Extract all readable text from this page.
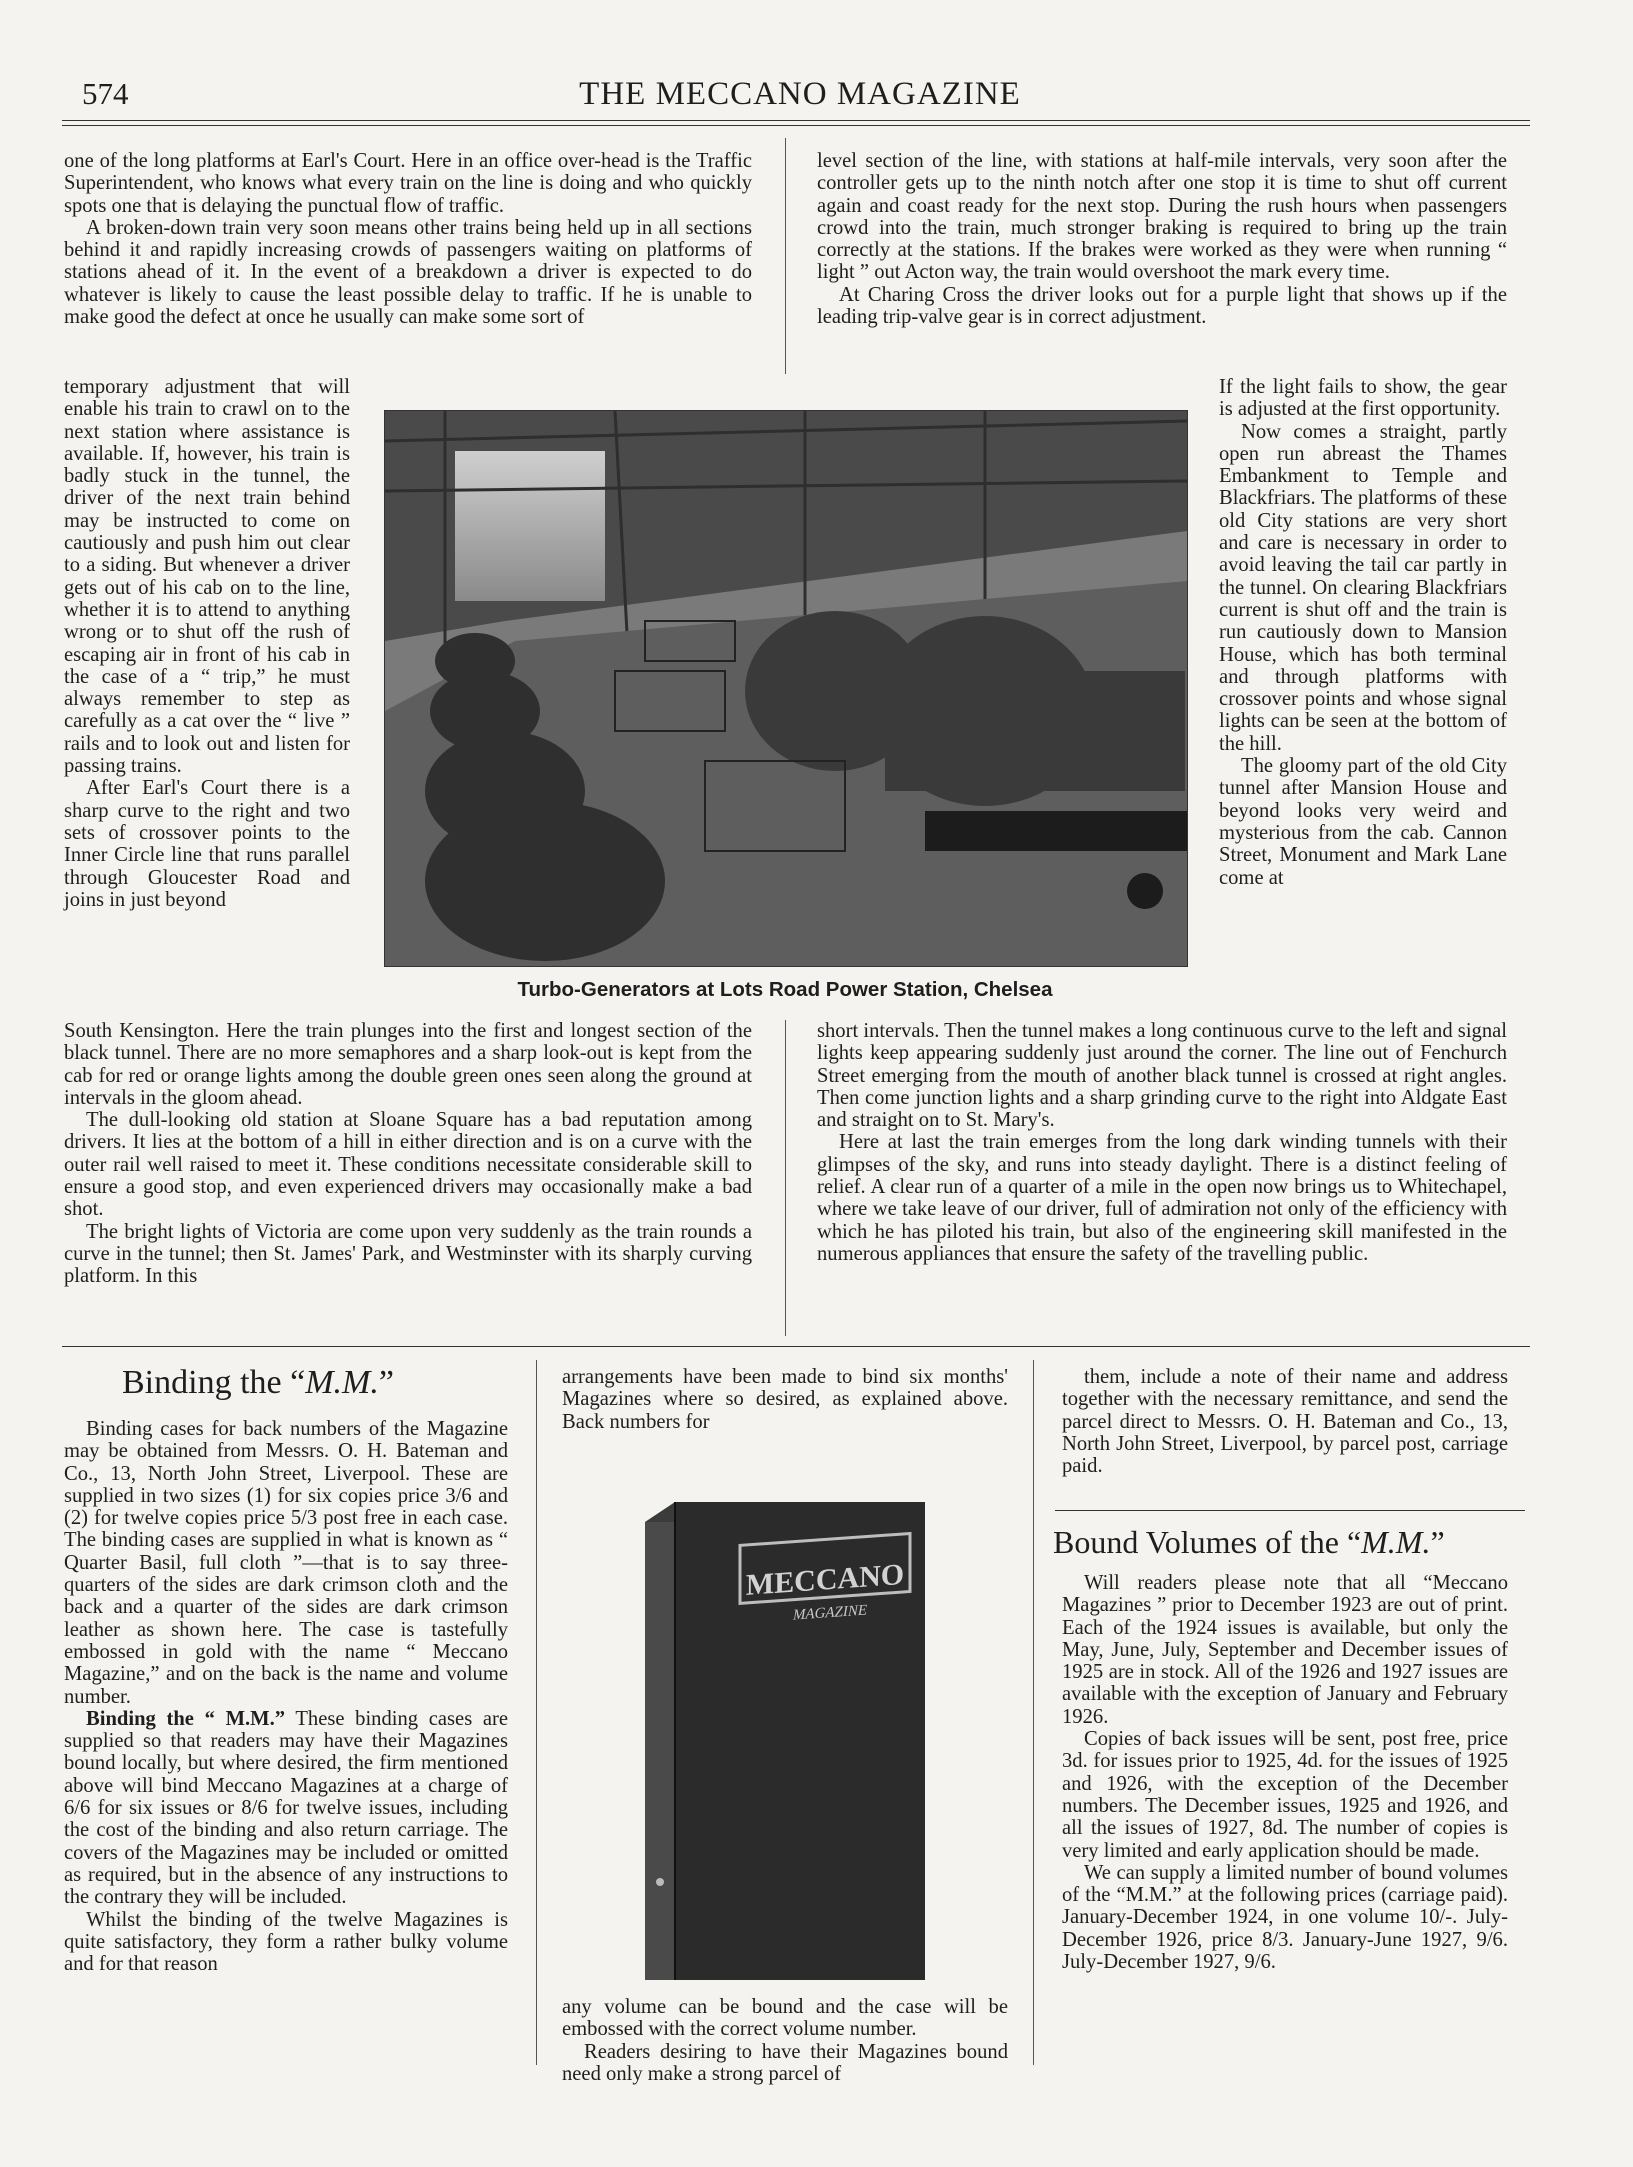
574	THE MECCANO MAGAZINE

one of the long platforms at Earl's Court. Here in an office over-head is the Traffic Superintendent, who knows what every train on the line is doing and who quickly spots one that is delaying the punctual flow of traffic.

A broken-down train very soon means other trains being held up in all sections behind it and rapidly increasing crowds of passengers waiting on platforms of stations ahead of it. In the event of a breakdown a driver is expected to do whatever is likely to cause the least possible delay to traffic. If he is unable to make good the defect at once he usually can make some sort of

temporary adjustment that will enable his train to crawl on to the next station where assistance is available. If, however, his train is badly stuck in the tunnel, the driver of the next train behind may be instructed to come on cautiously and push him out clear to a siding. But whenever a driver gets out of his cab on to the line, whether it is to attend to anything wrong or to shut off the rush of escaping air in front of his cab in the case of a “ trip,” he must always remember to step as carefully as a cat over the “ live ” rails and to look out and listen for passing trains.

After Earl's Court there is a sharp curve to the right and two sets of crossover points to the Inner Circle line that runs parallel through Gloucester Road and joins in just beyond

South Kensington. Here the train plunges into the first and longest section of the black tunnel. There are no more semaphores and a sharp look-out is kept from the cab for red or orange lights among the double green ones seen along the ground at intervals in the gloom ahead.

The dull-looking old station at Sloane Square has a bad reputation among drivers. It lies at the bottom of a hill in either direction and is on a curve with the outer rail well raised to meet it. These conditions necessitate considerable skill to ensure a good stop, and even experienced drivers may occasionally make a bad shot.

The bright lights of Victoria are come upon very suddenly as the train rounds a curve in the tunnel; then St. James' Park, and Westminster with its sharply curving platform. In this

level section of the line, with stations at half-mile intervals, very soon after the controller gets up to the ninth notch after one stop it is time to shut off current again and coast ready for the next stop. During the rush hours when passengers crowd into the train, much stronger braking is required to bring up the train correctly at the stations. If the brakes were worked as they were when running “ light ” out Acton way, the train would overshoot the mark every time.

At Charing Cross the driver looks out for a purple light that shows up if the leading trip-valve gear is in correct adjustment.

If the light fails to show, the gear is adjusted at the first opportunity.

Now comes a straight, partly open run abreast the Thames Embankment to Temple and Blackfriars. The platforms of these old City stations are very short and care is necessary in order to avoid leaving the tail car partly in the tunnel. On clearing Blackfriars current is shut off and the train is run cautiously down to Mansion House, which has both terminal and through platforms with crossover points and whose signal lights can be seen at the bottom of the hill.

The gloomy part of the old City tunnel after Mansion House and beyond looks very weird and mysterious from the cab. Cannon Street, Monument and Mark Lane come at

short intervals. Then the tunnel makes a long continuous curve to the left and signal lights keep appearing suddenly just around the corner. The line out of Fenchurch Street emerging from the mouth of another black tunnel is crossed at right angles. Then come junction lights and a sharp grinding curve to the right into Aldgate East and straight on to St. Mary's.

Here at last the train emerges from the long dark winding tunnels with their glimpses of the sky, and runs into steady daylight. There is a distinct feeling of relief. A clear run of a quarter of a mile in the open now brings us to Whitechapel, where we take leave of our driver, full of admiration not only of the efficiency with which he has piloted his train, but also of the engineering skill manifested in the numerous appliances that ensure the safety of the travelling public.

Turbo-Generators at Lots Road Power Station, Chelsea
Binding the “M.M.”

Binding cases for back numbers of the Magazine may be obtained from Messrs. O. H. Bateman and Co., 13, North John Street, Liverpool. These are supplied in two sizes (1) for six copies price 3/6 and (2) for twelve copies price 5/3 post free in each case. The binding cases are supplied in what is known as “ Quarter Basil, full cloth ”—that is to say three-quarters of the sides are dark crimson cloth and the back and a quarter of the sides are dark crimson leather as shown here. The case is tastefully embossed in gold with the name “ Meccano Magazine,” and on the back is the name and volume number.

Binding the “ M.M.” These binding cases are supplied so that readers may have their Magazines bound locally, but where desired, the firm mentioned above will bind Meccano Magazines at a charge of 6/6 for six issues or 8/6 for twelve issues, including the cost of the binding and also return carriage. The covers of the Magazines may be included or omitted as required, but in the absence of any instructions to the contrary they will be included.

Whilst the binding of the twelve Magazines is quite satisfactory, they form a rather bulky volume and for that reason

arrangements have been made to bind six months' Magazines where so desired, as explained above. Back numbers for

MECCANO
MAGAZINE

any volume can be bound and the case will be embossed with the correct volume number.

Readers desiring to have their Magazines bound need only make a strong parcel of

them, include a note of their name and address together with the necessary remittance, and send the parcel direct to Messrs. O. H. Bateman and Co., 13, North John Street, Liverpool, by parcel post, carriage paid.

Bound Volumes of the “M.M.”

Will readers please note that all “Meccano Magazines ” prior to December 1923 are out of print. Each of the 1924 issues is available, but only the May, June, July, September and December issues of 1925 are in stock. All of the 1926 and 1927 issues are available with the exception of January and February 1926.

Copies of back issues will be sent, post free, price 3d. for issues prior to 1925, 4d. for the issues of 1925 and 1926, with the exception of the December numbers. The December issues, 1925 and 1926, and all the issues of 1927, 8d. The number of copies is very limited and early application should be made.

We can supply a limited number of bound volumes of the “M.M.” at the following prices (carriage paid). January-December 1924, in one volume 10/-. July-December 1926, price 8/3. January-June 1927, 9/6. July-December 1927, 9/6.
